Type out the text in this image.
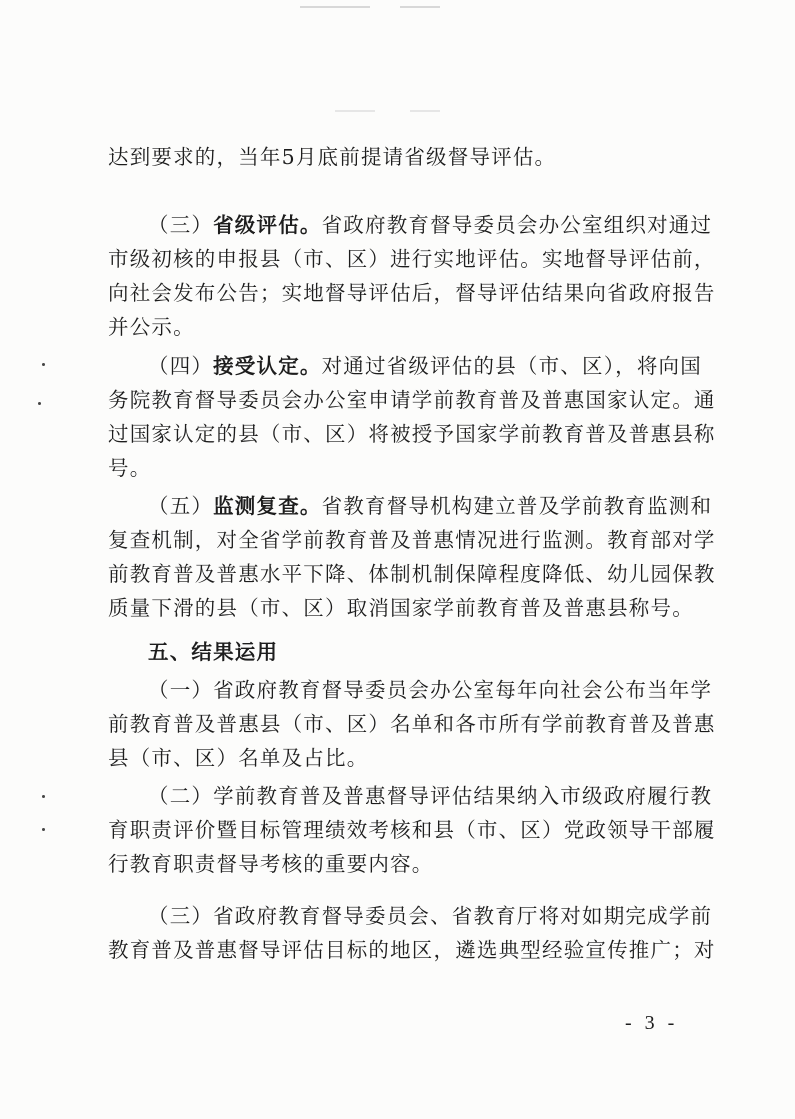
达到要求的，当年5月底前提请省级督导评估。
（三）省级评估。省政府教育督导委员会办公室组织对通过
市级初核的申报县（市、区）进行实地评估。实地督导评估前，
向社会发布公告；实地督导评估后，督导评估结果向省政府报告
并公示。
（四）接受认定。对通过省级评估的县（市、区），将向国
务院教育督导委员会办公室申请学前教育普及普惠国家认定。通
过国家认定的县（市、区）将被授予国家学前教育普及普惠县称
号。
（五）监测复查。省教育督导机构建立普及学前教育监测和
复查机制，对全省学前教育普及普惠情况进行监测。教育部对学
前教育普及普惠水平下降、体制机制保障程度降低、幼儿园保教
质量下滑的县（市、区）取消国家学前教育普及普惠县称号。
五、结果运用
（一）省政府教育督导委员会办公室每年向社会公布当年学
前教育普及普惠县（市、区）名单和各市所有学前教育普及普惠
县（市、区）名单及占比。
（二）学前教育普及普惠督导评估结果纳入市级政府履行教
育职责评价暨目标管理绩效考核和县（市、区）党政领导干部履
行教育职责督导考核的重要内容。
（三）省政府教育督导委员会、省教育厅将对如期完成学前
教育普及普惠督导评估目标的地区，遴选典型经验宣传推广；对
- 3 -
